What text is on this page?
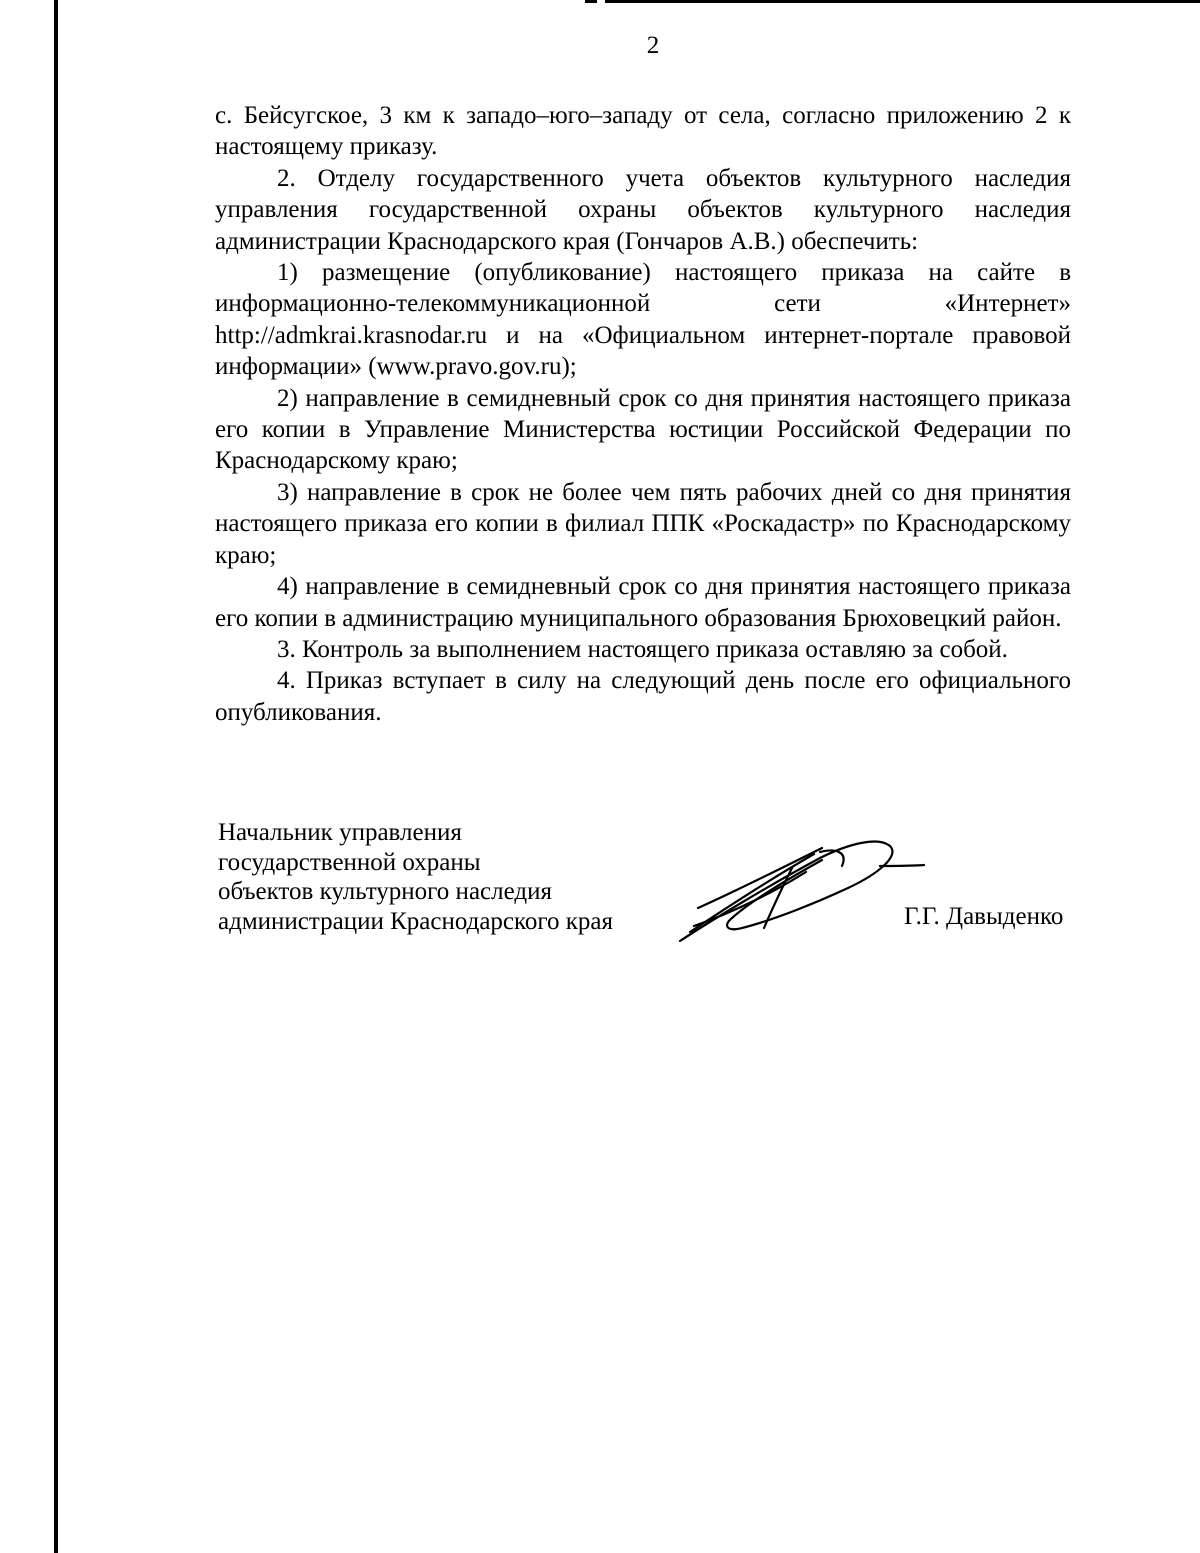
2

с. Бейсугское, 3 км к западо–юго–западу от села, согласно приложению 2 к настоящему приказу.

2. Отделу государственного учета объектов культурного наследия управления государственной охраны объектов культурного наследия администрации Краснодарского края (Гончаров А.В.) обеспечить:

1) размещение (опубликование) настоящего приказа на сайте в

информационно-телекоммуникационной сети «Интернет»

http://admkrai.krasnodar.ru и на «Официальном интернет-портале правовой информации» (www.pravo.gov.ru);

2) направление в семидневный срок со дня принятия настоящего приказа его копии в Управление Министерства юстиции Российской Федерации по Краснодарскому краю;

3) направление в срок не более чем пять рабочих дней со дня принятия настоящего приказа его копии в филиал ППК «Роскадастр» по Краснодарскому краю;

4) направление в семидневный срок со дня принятия настоящего приказа его копии в администрацию муниципального образования Брюховецкий район.

3. Контроль за выполнением настоящего приказа оставляю за собой.

4. Приказ вступает в силу на следующий день после его официального опубликования.

Начальник управления

государственной охраны

объектов культурного наследия

администрации Краснодарского края	Г.Г. Давыденко
